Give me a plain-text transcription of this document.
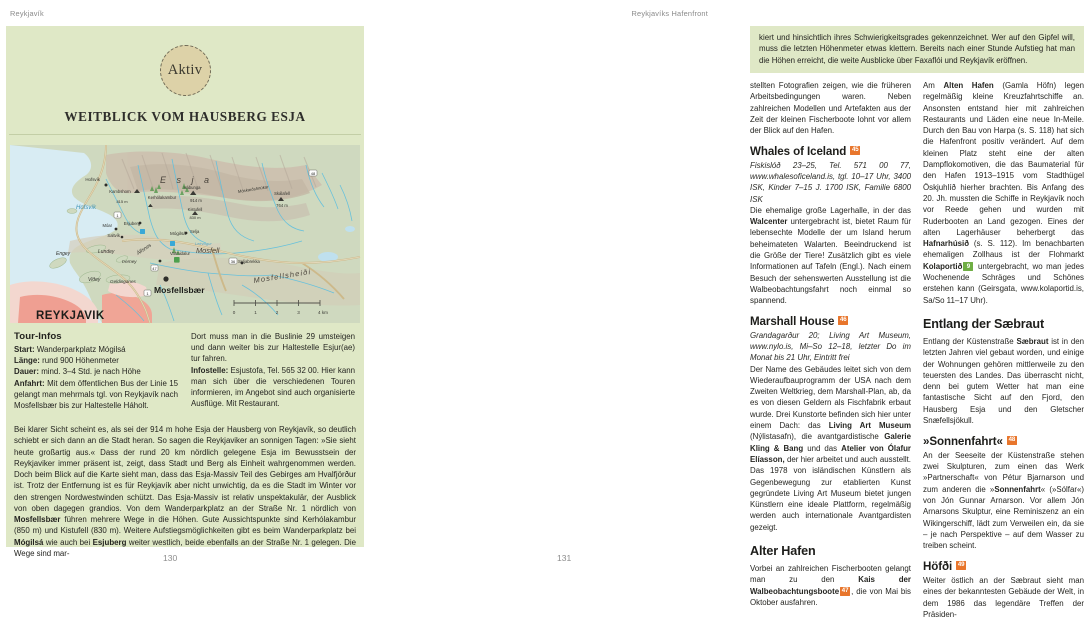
Reykjavík
Aktiv
WEITBLICK VOM HAUSBERG ESJA
1
1
36
48
47
E s j a
Kambshorn
815 m
Hábunga
914 m
Móskarðshnúkar Skálafell
764 m
Kerhólakambur
Kistufell
830 m
Hofsvík
Hofsvík
Esjuberg
Móar
Saltvík	Mógilsá Selja
Lundey
Engey
Þerney
Viðey Geldinganes
Álfsnes	Varmidalur Mosfell
Leirvogur
Seljabrekka
Mosfellsheiði
Mosfellsbær
REYKJAVIK	0	1	2	3	4 km
Tour-Infos
Start: Wanderparkplatz Mógilsá
Länge: rund 900 Höhenmeter
Dauer: mind. 3–4 Std. je nach Höhe
Anfahrt: Mit dem öffentlichen Bus der Linie 15 gelangt man mehrmals tgl. von Reykjavík nach Mosfellsbær bis zur Haltestelle Háholt.
Dort muss man in die Buslinie 29 umsteigen und dann weiter bis zur Haltestelle Esjur(ae) tur fahren.
Infostelle: Esjustofa, Tel. 565 32 00. Hier kann man sich über die verschiedenen Touren informieren, im Angebot sind auch organisierte Ausflüge. Mit Restaurant.
Bei klarer Sicht scheint es, als sei der 914 m hohe Esja der Hausberg von Reykjavík, so deutlich schiebt er sich dann an die Stadt heran. So sagen die Reykjaviker an sonnigen Tagen: »Sie sieht heute großartig aus.« Dass der rund 20 km nördlich gelegene Esja im Bewusstsein der Reykjaviker immer präsent ist, zeigt, dass Stadt und Berg als Einheit wahrgenommen werden. Doch beim Blick auf die Karte sieht man, dass das Esja-Massiv Teil des Gebirges am Hvalfjörður ist. Trotz der Entfernung ist es für Reykjavík aber nicht unwichtig, da es die Stadt im Winter vor den strengen Nordwestwinden schützt. Das Esja-Massiv ist relativ unspektakulär, der Ausblick von oben dagegen grandios. Von dem Wanderparkplatz an der Straße Nr. 1 nördlich von Mosfellsbær führen mehrere Wege in die Höhen. Gute Aussichtspunkte sind Kerhólakambur (850 m) und Kistufell (830 m). Weitere Aufstiegsmöglichkeiten gibt es beim Wanderparkplatz bei Mógilsá wie auch bei Esjuberg weiter westlich, beide ebenfalls an der Straße Nr. 1 gelegen. Die Wege sind mar-	130
Reykjavíks Hafenfront
kiert und hinsichtlich ihres Schwierigkeitsgrades gekennzeichnet. Wer auf den Gipfel will, muss die letzten Höhenmeter etwas klettern. Bereits nach einer Stunde Aufstieg hat man die Höhen erreicht, die weite Ausblicke über Faxaflói und Reykjavík eröffnen.
stellten Fotografien zeigen, wie die früheren Arbeitsbedingungen waren. Neben zahlreichen Modellen und Artefakten aus der Zeit der kleinen Fischerboote lohnt vor allem der Blick auf den Hafen.
Whales of Iceland 45
Fiskislóð 23–25, Tel. 571 00 77, www.whalesoficeland.is, tgl. 10–17 Uhr, 3400 ISK, Kinder 7–15 J. 1700 ISK, Familie 6800 ISK
Die ehemalige große Lagerhalle, in der das Walcenter untergebracht ist, bietet Raum für lebensechte Modelle der um Island herum beheimateten Walarten. Beeindruckend ist die Größe der Tiere! Zusätzlich gibt es viele Informationen auf Tafeln (Engl.). Nach einem Besuch der sehenswerten Ausstellung ist die Walbeobachtungsfahrt noch einmal so spannend.
Marshall House 46
Grandagarður 20; Living Art Museum, www.nylo.is, Mi–So 12–18, letzter Do im Monat bis 21 Uhr, Eintritt frei
Der Name des Gebäudes leitet sich von dem Wiederaufbauprogramm der USA nach dem Zweiten Weltkrieg, dem Marshall-Plan, ab, da es von diesen Geldern als Fischfabrik erbaut wurde. Drei Kunstorte befinden sich hier unter einem Dach: das Living Art Museum (Nýlistasafn), die avantgardistische Galerie Kling & Bang und das Atelier von Ólafur Elíasson, der hier arbeitet und auch ausstellt. Das 1978 von isländischen Künstlern als Gegenbewegung zur etablierten Kunst gegründete Living Art Museum bietet jungen Künstlern eine ideale Plattform, regelmäßig werden auch internationale Avantgardisten gezeigt.
Alter Hafen
Vorbei an zahlreichen Fischerbooten gelangt man zu den Kais der Walbeobachtungsboote 47 , die von Mai bis Oktober ausfahren.
Am Alten Hafen (Gamla Höfn) legen regelmäßig kleine Kreuzfahrtschiffe an. Ansonsten entstand hier mit zahlreichen Restaurants und Läden eine neue In-Meile. Durch den Bau von Harpa (s. S. 118) hat sich die Hafenfront positiv verändert. Auf dem kleinen Platz steht eine der alten Dampflokomotiven, die das Baumaterial für den Hafen 1913–1915 vom Stadthügel Öskjuhlíð hierher brachten. Bis Anfang des 20. Jh. mussten die Schiffe in Reykjavík noch vor Reede gehen und wurden mit Ruderbooten an Land gezogen. Eines der alten Lagerhäuser beherbergt das Hafnarhúsið (s. S. 112). Im benachbarten ehemaligen Zollhaus ist der Flohmarkt Kolaportið 9 untergebracht, wo man jedes Wochenende Schräges und Schönes erstehen kann (Geirsgata, www.kolaportid.is, Sa/So 11–17 Uhr).
Entlang der Sæbraut
Entlang der Küstenstraße Sæbraut ist in den letzten Jahren viel gebaut worden, und einige der Wohnungen gehören mittlerweile zu den teuersten des Landes. Das überrascht nicht, denn bei gutem Wetter hat man eine fantastische Sicht auf den Fjord, den Hausberg Esja und den Gletscher Snæfellsjökull.
»Sonnenfahrt« 48
An der Seeseite der Küstenstraße stehen zwei Skulpturen, zum einen das Werk »Partnerschaft« von Pétur Bjarnarson und zum anderen die »Sonnenfahrt« (»Sólfar«) von Jón Gunnar Arnarson. Vor allem Jón Arnarsons Skulptur, eine Reminiszenz an ein Wikingerschiff, lädt zum Verweilen ein, da sie – je nach Perspektive – auf dem Wasser zu treiben scheint.
Höfði 49
Weiter östlich an der Sæbraut sieht man eines der bekanntesten Gebäude der Welt, in dem 1986 das legendäre Treffen der Präsiden-
131
